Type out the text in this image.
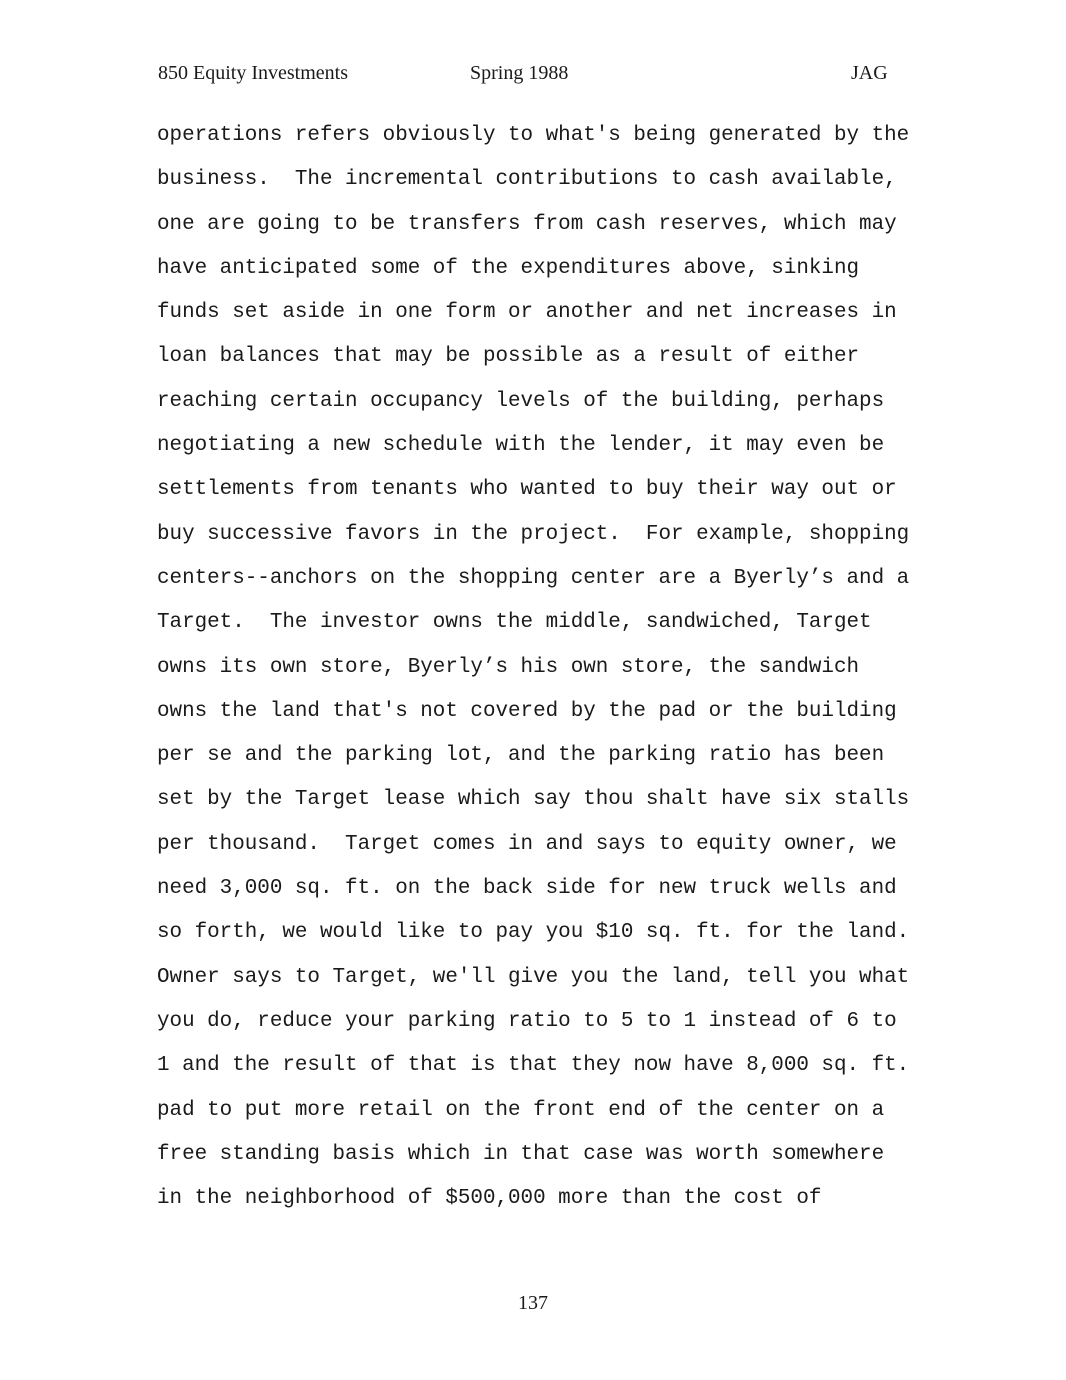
850 Equity Investments	Spring 1988	JAG
operations refers obviously to what's being generated by the
business.  The incremental contributions to cash available,
one are going to be transfers from cash reserves, which may
have anticipated some of the expenditures above, sinking
funds set aside in one form or another and net increases in
loan balances that may be possible as a result of either
reaching certain occupancy levels of the building, perhaps
negotiating a new schedule with the lender, it may even be
settlements from tenants who wanted to buy their way out or
buy successive favors in the project.  For example, shopping
centers--anchors on the shopping center are a Byerly’s and a
Target.  The investor owns the middle, sandwiched, Target
owns its own store, Byerly’s his own store, the sandwich
owns the land that's not covered by the pad or the building
per se and the parking lot, and the parking ratio has been
set by the Target lease which say thou shalt have six stalls
per thousand.  Target comes in and says to equity owner, we
need 3,000 sq. ft. on the back side for new truck wells and
so forth, we would like to pay you $10 sq. ft. for the land.
Owner says to Target, we'll give you the land, tell you what
you do, reduce your parking ratio to 5 to 1 instead of 6 to
1 and the result of that is that they now have 8,000 sq. ft.
pad to put more retail on the front end of the center on a
free standing basis which in that case was worth somewhere
in the neighborhood of $500,000 more than the cost of
137
